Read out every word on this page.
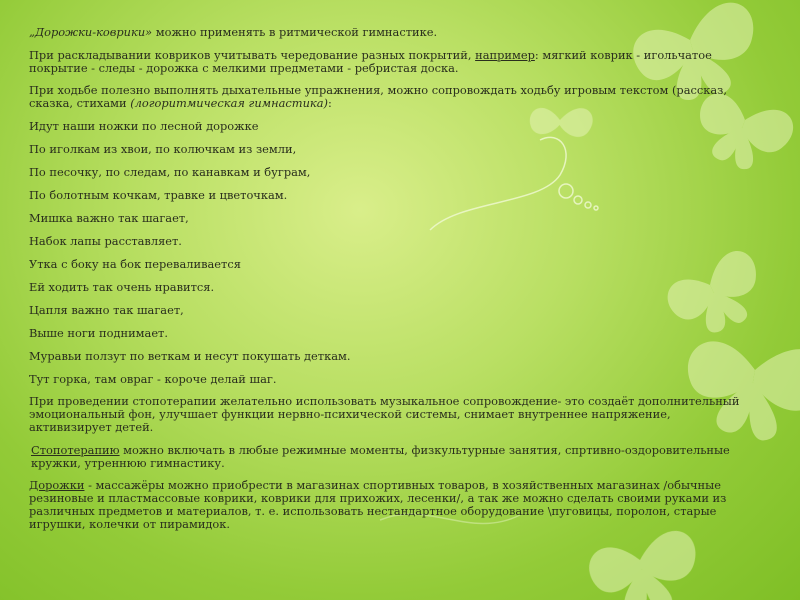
„Дорожки-коврики» можно применять в ритмической гимнастике.

При раскладывании ковриков учитывать чередование разных покрытий, например: мягкий коврик - игольчатое покрытие - следы - дорожка с мелкими предметами - ребристая доска.

При ходьбе полезно выполнять дыхательные упражнения, можно сопровождать ходьбу игровым текстом (рассказ, сказка, стихами (логоритмическая гимнастика):

Идут наши ножки по лесной дорожке

По иголкам из хвои, по колючкам из земли,

По песочку, по следам, по канавкам и буграм,

По болотным кочкам, травке и цветочкам.

Мишка важно так шагает,

Набок лапы расставляет.

Утка с боку на бок переваливается

Ей ходить так очень нравится.

Цапля важно так шагает,

Выше ноги поднимает.

Муравьи ползут по веткам и несут покушать деткам.

Тут горка, там овраг - короче делай шаг.

При проведении стопотерапии желательно использовать музыкальное сопровождение- это создаёт дополнительный эмоциональный фон, улучшает функции нервно-психической системы, снимает внутреннее напряжение, активизирует детей.

Стопотерапию можно включать в любые режимные моменты, физкультурные занятия, спртивно-оздоровительные кружки, утреннюю гимнастику.

Дорожки - массажёры можно приобрести в магазинах спортивных товаров, в хозяйственных магазинах /обычные резиновые и пластмассовые коврики, коврики для прихожих, лесенки/, а так же можно сделать своими руками из различных предметов и материалов, т. е. использовать нестандартное оборудование \пуговицы, поролон, старые игрушки, колечки от пирамидок.
